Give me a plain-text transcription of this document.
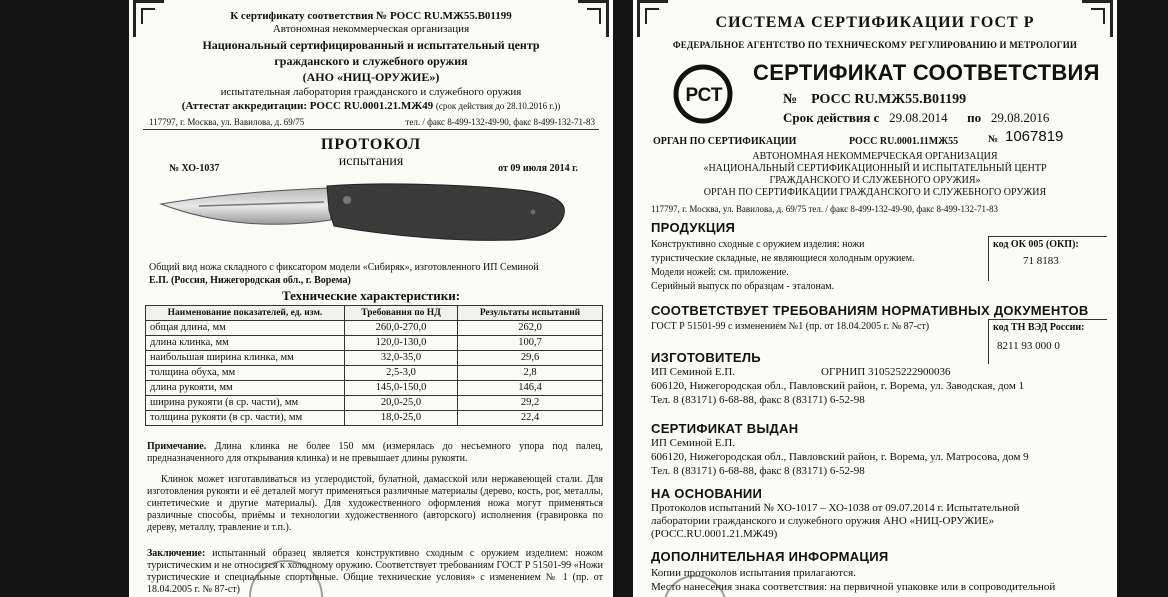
К сертификату соответствия № РОСС RU.МЖ55.В01199
Автономная некоммерческая организация
Национальный сертифицированный и испытательный центр
гражданского и служебного оружия
(АНО «НИЦ-ОРУЖИЕ»)
испытательная лаборатория гражданского и служебного оружия
(Аттестат аккредитации: РОСС RU.0001.21.МЖ49 (срок действия до 28.10.2016 г.))
117797, г. Москва, ул. Вавилова, д. 69/75	тел. / факс 8-499-132-49-90, факс 8-499-132-71-83
ПРОТОКОЛ
испытания
№ ХО-1037	от 09 июля 2014 г.
Общий вид ножа складного с фиксатором модели «Сибиряк», изготовленного ИП Семиной
Е.П. (Россия, Нижегородская обл., г. Ворема)
Технические характеристики:
Наименование показателей, ед. изм.	Требования по НД	Результаты испытаний
общая длина, мм	260,0-270,0	262,0
длина клинка, мм	120,0-130,0	100,7
наибольшая ширина клинка, мм	32,0-35,0	29,6
толщина обуха, мм	2,5-3,0	2,8
длина рукояти, мм	145,0-150,0	146,4
ширина рукояти (в ср. части), мм	20,0-25,0	29,2
толщина рукояти (в ср. части), мм	18,0-25,0	22,4
Примечание. Длина клинка не более 150 мм (измерялась до несъемного упора под палец, предназначенного для открывания клинка) и не превышает длины рукояти.
Клинок может изготавливаться из углеродистой, булатной, дамасской или нержавеющей стали. Для изготовления рукояти и её деталей могут применяться различные материалы (дерево, кость, рог, металлы, синтетические и другие материалы). Для художественного оформления ножа могут применяться различные способы, приёмы и технологии художественного (авторского) исполнения (гравировка по дереву, металлу, травление и т.п.).
Заключение: испытанный образец является конструктивно сходным с оружием изделием: ножом туристическим и не относится к холодному оружию. Соответствует требованиям ГОСТ Р 51501-99 «Ножи туристические и специальные спортивные. Общие технические условия» с изменением № 1 (пр. от 18.04.2005 г. № 87-ст)
СИСТЕМА СЕРТИФИКАЦИИ ГОСТ Р
ФЕДЕРАЛЬНОЕ АГЕНТСТВО ПО ТЕХНИЧЕСКОМУ РЕГУЛИРОВАНИЮ И МЕТРОЛОГИИ
РСТ
СЕРТИФИКАТ СООТВЕТСТВИЯ
№ РОСС RU.МЖ55.В01199
Срок действия с 29.08.2014 по 29.08.2016
ОРГАН ПО СЕРТИФИКАЦИИ	РОСС RU.0001.11МЖ55	№ 1067819
АВТОНОМНАЯ НЕКОММЕРЧЕСКАЯ ОРГАНИЗАЦИЯ
«НАЦИОНАЛЬНЫЙ СЕРТИФИКАЦИОННЫЙ И ИСПЫТАТЕЛЬНЫЙ ЦЕНТР
ГРАЖДАНСКОГО И СЛУЖЕБНОГО ОРУЖИЯ»
ОРГАН ПО СЕРТИФИКАЦИИ ГРАЖДАНСКОГО И СЛУЖЕБНОГО ОРУЖИЯ
117797, г. Москва, ул. Вавилова, д. 69/75 тел. / факс 8-499-132-49-90, факс 8-499-132-71-83
ПРОДУКЦИЯ
Конструктивно сходные с оружием изделия: ножи
туристические складные, не являющиеся холодным оружием.
Модели ножей: см. приложение.
Серийный выпуск по образцам - эталонам.
код ОК 005 (ОКП):
71 8183
СООТВЕТСТВУЕТ ТРЕБОВАНИЯМ НОРМАТИВНЫХ ДОКУМЕНТОВ
ГОСТ Р 51501-99 с изменением №1 (пр. от 18.04.2005 г. № 87-ст)	код ТН ВЭД России:
8211 93 000 0
ИЗГОТОВИТЕЛЬ
ИП Семиной Е.П.	ОГРНИП 310525222900036
606120, Нижегородская обл., Павловский район, г. Ворема, ул. Заводская, дом 1
Тел. 8 (83171) 6-68-88, факс 8 (83171) 6-52-98
СЕРТИФИКАТ ВЫДАН
ИП Семиной Е.П.
606120, Нижегородская обл., Павловский район, г. Ворема, ул. Матросова, дом 9
Тел. 8 (83171) 6-68-88, факс 8 (83171) 6-52-98
НА ОСНОВАНИИ
Протоколов испытаний № ХО-1017 – ХО-1038 от 09.07.2014 г. Испытательной
лаборатории гражданского и служебного оружия АНО «НИЦ-ОРУЖИЕ»
(РОСС.RU.0001.21.МЖ49)
ДОПОЛНИТЕЛЬНАЯ ИНФОРМАЦИЯ
Копии протоколов испытания прилагаются.
Место нанесения знака соответствия: на первичной упаковке или в сопроводительной
